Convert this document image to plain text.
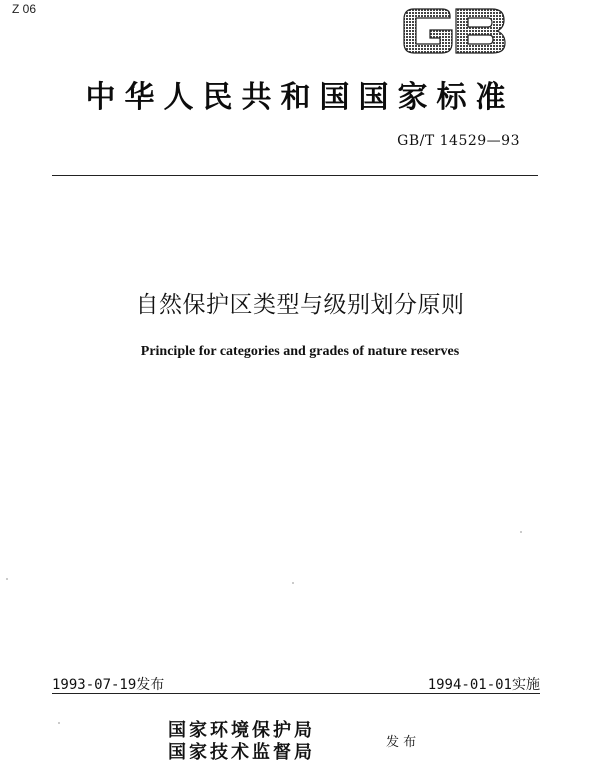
Z 06
GB
中华人民共和国国家标准
GB/T 14529—93
自然保护区类型与级别划分原则
Principle for categories and grades of nature reserves
1993-07-19发布	1994-01-01实施
国家环境保护局
国家技术监督局	发 布
